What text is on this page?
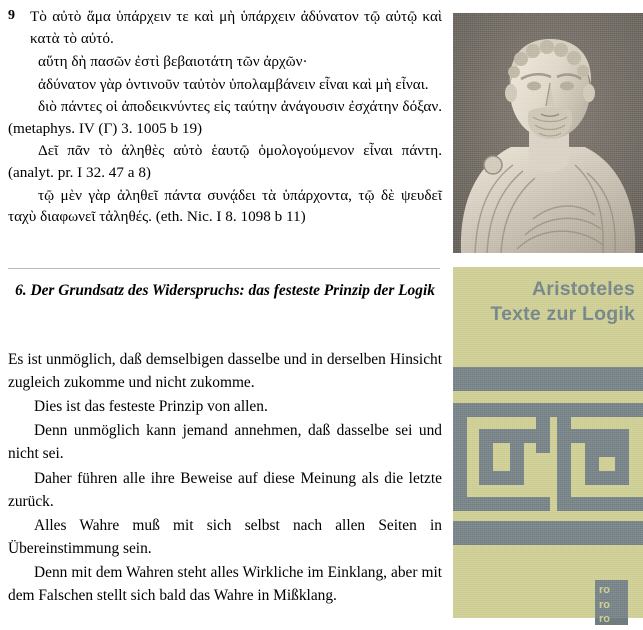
9 Τὸ αὐτὸ ἅμα ὑπάρχειν τε καὶ μὴ ὑπάρχειν ἀδύνατον τῷ αὐτῷ καὶ κατὰ τὸ αὐτό.

αὕτη δὴ πασῶν ἐστὶ βεβαιοτάτη τῶν ἀρχῶν·

ἀδύνατον γὰρ ὁντινοῦν ταὐτὸν ὑπολαμβάνειν εἶναι καὶ μὴ εἶναι.

διὸ πάντες οἱ ἀποδεικνύντες εἰς ταύτην ἀνάγουσιν ἐσχάτην δόξαν. (metaphys. IV (Γ) 3. 1005 b 19)

Δεῖ πᾶν τὸ ἀληθὲς αὐτὸ ἑαυτῷ ὁμολογούμενον εἶναι πάντη. (analyt. pr. I 32. 47 a 8)

τῷ μὲν γὰρ ἀληθεῖ πάντα συνᾴδει τὰ ὑπάρχοντα, τῷ δὲ ψευδεῖ ταχὺ διαφωνεῖ τἀληθές. (eth. Nic. I 8. 1098 b 11)

6. Der Grundsatz des Widerspruchs: das festeste Prinzip der Logik

Es ist unmöglich, daß demselbigen dasselbe und in derselben Hinsicht zugleich zukomme und nicht zukomme.

Dies ist das festeste Prinzip von allen.

Denn unmöglich kann jemand annehmen, daß dasselbe sei und nicht sei.

Daher führen alle ihre Beweise auf diese Meinung als die letzte zurück.

Alles Wahre muß mit sich selbst nach allen Seiten in Übereinstimmung sein.

Denn mit dem Wahren steht alles Wirkliche im Einklang, aber mit dem Falschen stellt sich bald das Wahre in Mißklang.

Aristoteles
Texte zur Logik
ro
ro
ro
